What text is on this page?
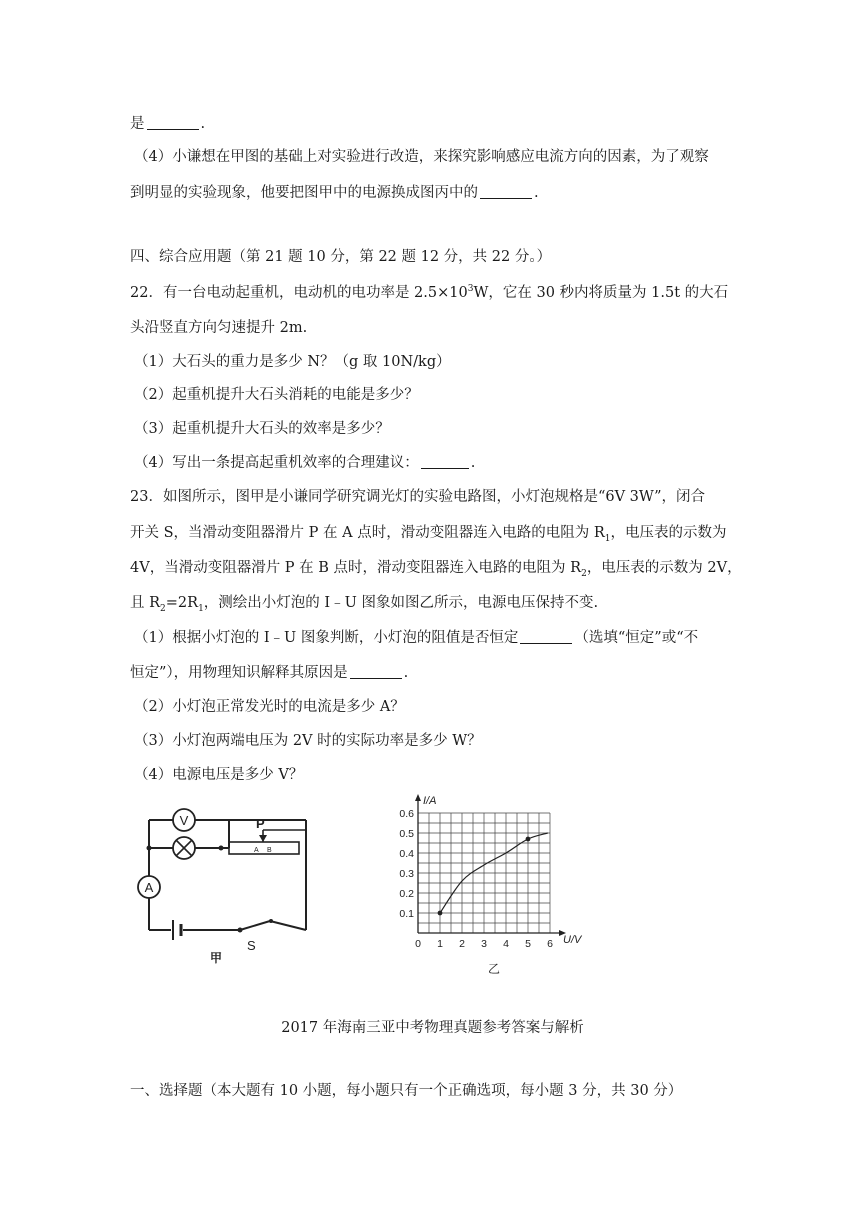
是	.
（4）小谦想在甲图的基础上对实验进行改造，来探究影响感应电流方向的因素，为了观察
到明显的实验现象，他要把图甲中的电源换成图丙中的	.
四、综合应用题（第 21 题 10 分，第 22 题 12 分，共 22 分。）
22．有一台电动起重机，电动机的电功率是 $2.5\times 10^3W$，它在 30 秒内将质量为 1.5t 的大石
头沿竖直方向匀速提升 2m.
（1）大石头的重力是多少 N？（g 取 10N/kg）
（2）起重机提升大石头消耗的电能是多少？
（3）起重机提升大石头的效率是多少？
（4）写出一条提高起重机效率的合理建议：	.
23．如图所示，图甲是小谦同学研究调光灯的实验电路图，小灯泡规格是“6V 3W”，闭合
开关 S，当滑动变阻器滑片 P 在 A 点时，滑动变阻器连入电路的电阻为 $R_1$，电压表的示数为
4V，当滑动变阻器滑片 P 在 B 点时，滑动变阻器连入电路的电阻为 $R_2$，电压表的示数为 2V，
且 $R_2=2R_1$，测绘出小灯泡的 I﹣U 图象如图乙所示，电源电压保持不变.
（1）根据小灯泡的 I﹣U 图象判断，小灯泡的阻值是否恒定	（选填“恒定”或“不
恒定”），用物理知识解释其原因是	.
（2）小灯泡正常发光时的电流是多少 A？
（3）小灯泡两端电压为 2V 时的实际功率是多少 W？
（4）电源电压是多少 V？
V
A
P
A B
S
甲
0 1 2 3 4 5 6
0.1
0.2
0.3
0.4
0.5
0.6
I/A
U/V
乙
2017 年海南三亚中考物理真题参考答案与解析
一、选择题（本大题有 10 小题，每小题只有一个正确选项，每小题 3 分，共 30 分）
